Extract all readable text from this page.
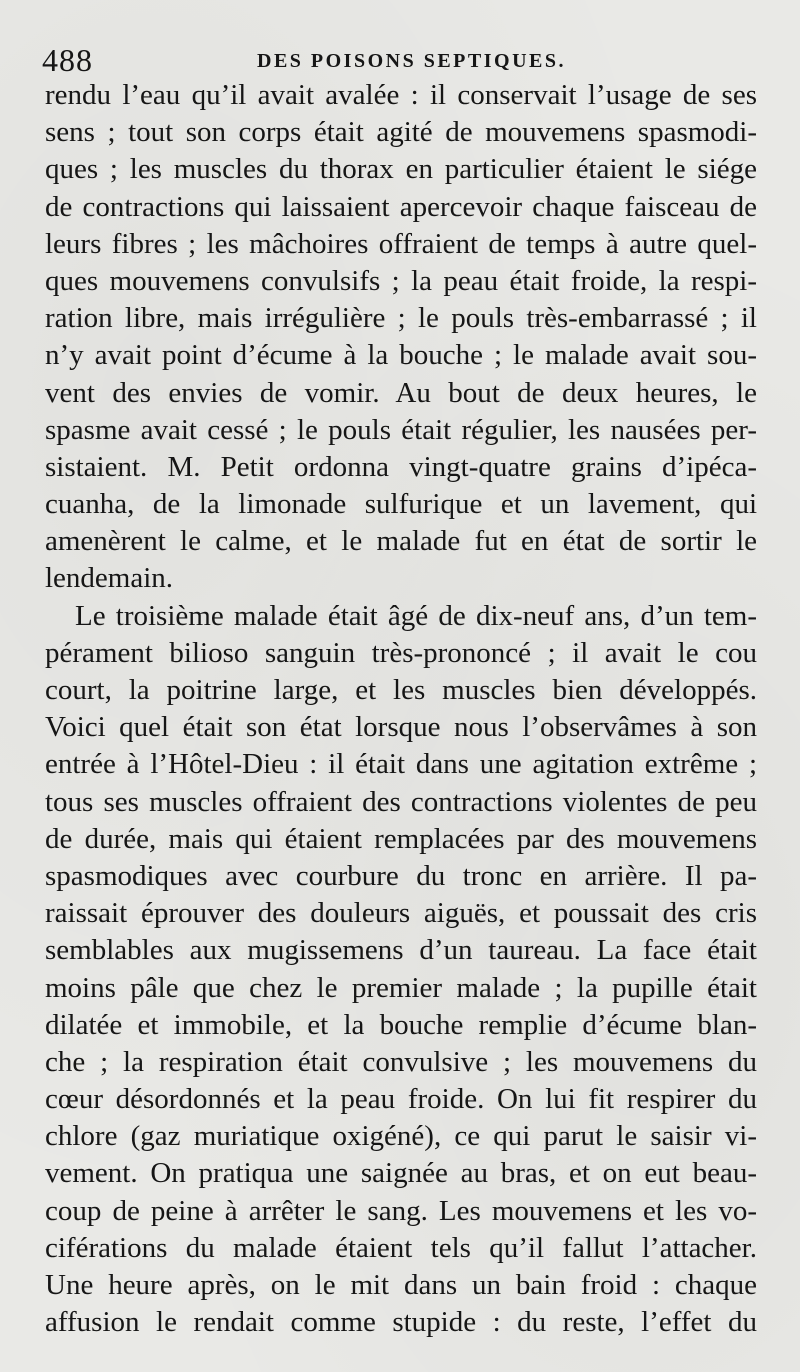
488	DES POISONS SEPTIQUES.
rendu l’eau qu’il avait avalée : il conservait l’usage de ses
sens ; tout son corps était agité de mouvemens spasmodi-
ques ; les muscles du thorax en particulier étaient le siége
de contractions qui laissaient apercevoir chaque faisceau de
leurs fibres ; les mâchoires offraient de temps à autre quel-
ques mouvemens convulsifs ; la peau était froide, la respi-
ration libre, mais irrégulière ; le pouls très-embarrassé ; il
n’y avait point d’écume à la bouche ; le malade avait sou-
vent des envies de vomir. Au bout de deux heures, le
spasme avait cessé ; le pouls était régulier, les nausées per-
sistaient. M. Petit ordonna vingt-quatre grains d’ipéca-
cuanha, de la limonade sulfurique et un lavement, qui
amenèrent le calme, et le malade fut en état de sortir le
lendemain.
Le troisième malade était âgé de dix-neuf ans, d’un tem-
pérament bilioso sanguin très-prononcé ; il avait le cou
court, la poitrine large, et les muscles bien développés.
Voici quel était son état lorsque nous l’observâmes à son
entrée à l’Hôtel-Dieu : il était dans une agitation extrême ;
tous ses muscles offraient des contractions violentes de peu
de durée, mais qui étaient remplacées par des mouvemens
spasmodiques avec courbure du tronc en arrière. Il pa-
raissait éprouver des douleurs aiguës, et poussait des cris
semblables aux mugissemens d’un taureau. La face était
moins pâle que chez le premier malade ; la pupille était
dilatée et immobile, et la bouche remplie d’écume blan-
che ; la respiration était convulsive ; les mouvemens du
cœur désordonnés et la peau froide. On lui fit respirer du
chlore (gaz muriatique oxigéné), ce qui parut le saisir vi-
vement. On pratiqua une saignée au bras, et on eut beau-
coup de peine à arrêter le sang. Les mouvemens et les vo-
ciférations du malade étaient tels qu’il fallut l’attacher.
Une heure après, on le mit dans un bain froid : chaque
affusion le rendait comme stupide : du reste, l’effet du
